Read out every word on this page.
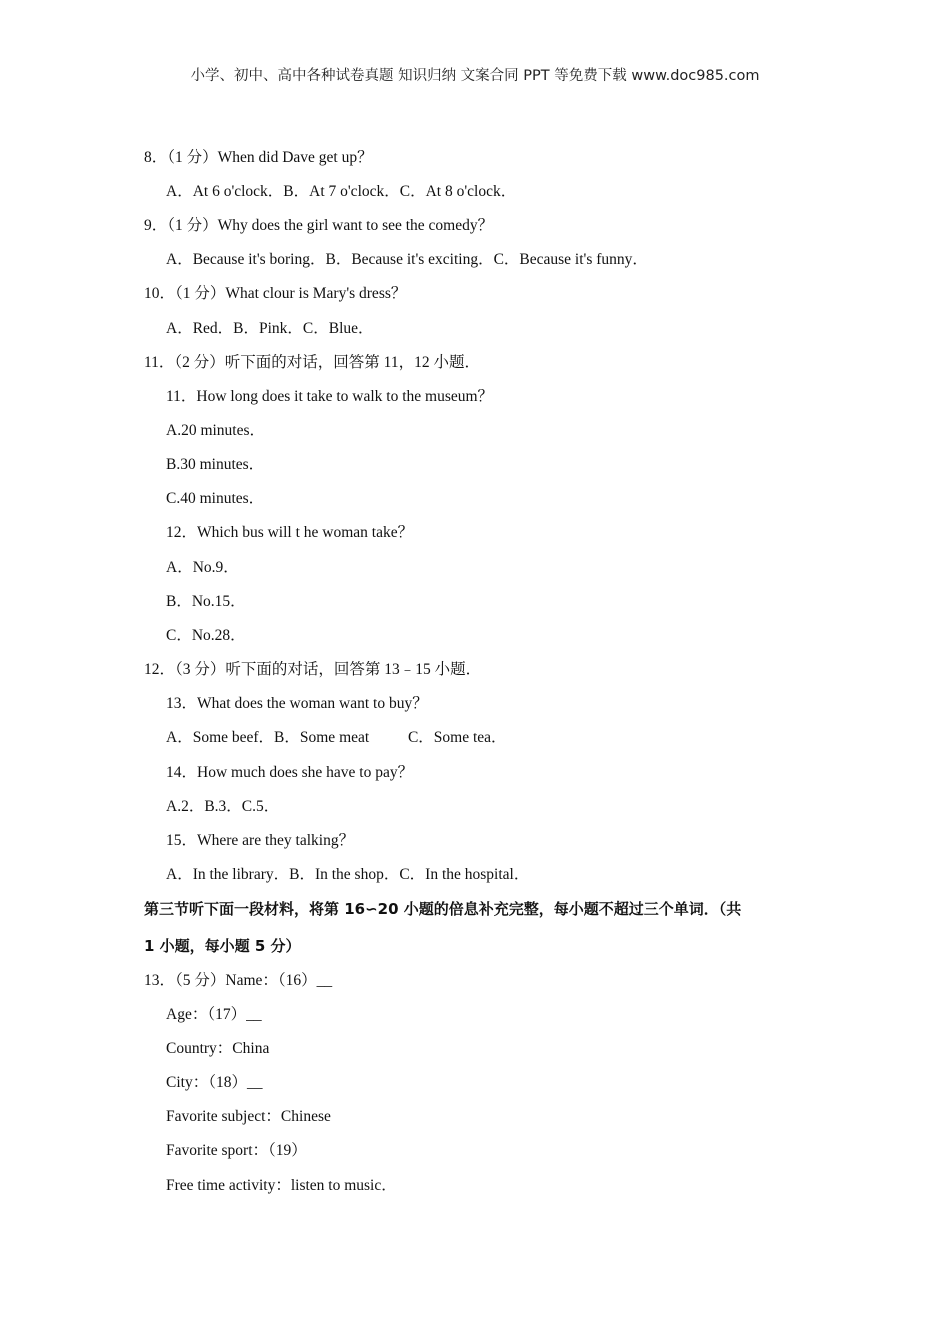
小学、初中、高中各种试卷真题 知识归纳 文案合同 PPT 等免费下载 www.doc985.com
8．（1 分）When did Dave get up？
A．At 6 o'clock．B．At 7 o'clock．C．At 8 o'clock．
9．（1 分）Why does the girl want to see the comedy？
A．Because it's boring．B．Because it's exciting．C．Because it's funny．
10．（1 分）What clour is Mary's dress？
A．Red．B．Pink．C．Blue．
11．（2 分）听下面的对话，回答第 11，12 小题．
11．How long does it take to walk to the museum？
A.20 minutes．
B.30 minutes．
C.40 minutes．
12．Which bus will t he woman take？
A．No.9．
B．No.15．
C．No.28．
12．（3 分）听下面的对话，回答第 13﹣15 小题．
13．What does the woman want to buy？
A．Some beef．B．Some meat          C．Some tea．
14．How much does she have to pay？
A.2．B.3．C.5．
15．Where are they talking？
A．In the library．B．In the shop．C．In the hospital．
第三节听下面一段材料，将第 16∽20 小题的倍息补充完整，每小题不超过三个单词．（共
1 小题，每小题 5 分）
13．（5 分）Name：（16）__
Age：（17）__
Country：China
City：（18）__
Favorite subject：Chinese
Favorite sport：（19）
Free time activity：listen to music．
